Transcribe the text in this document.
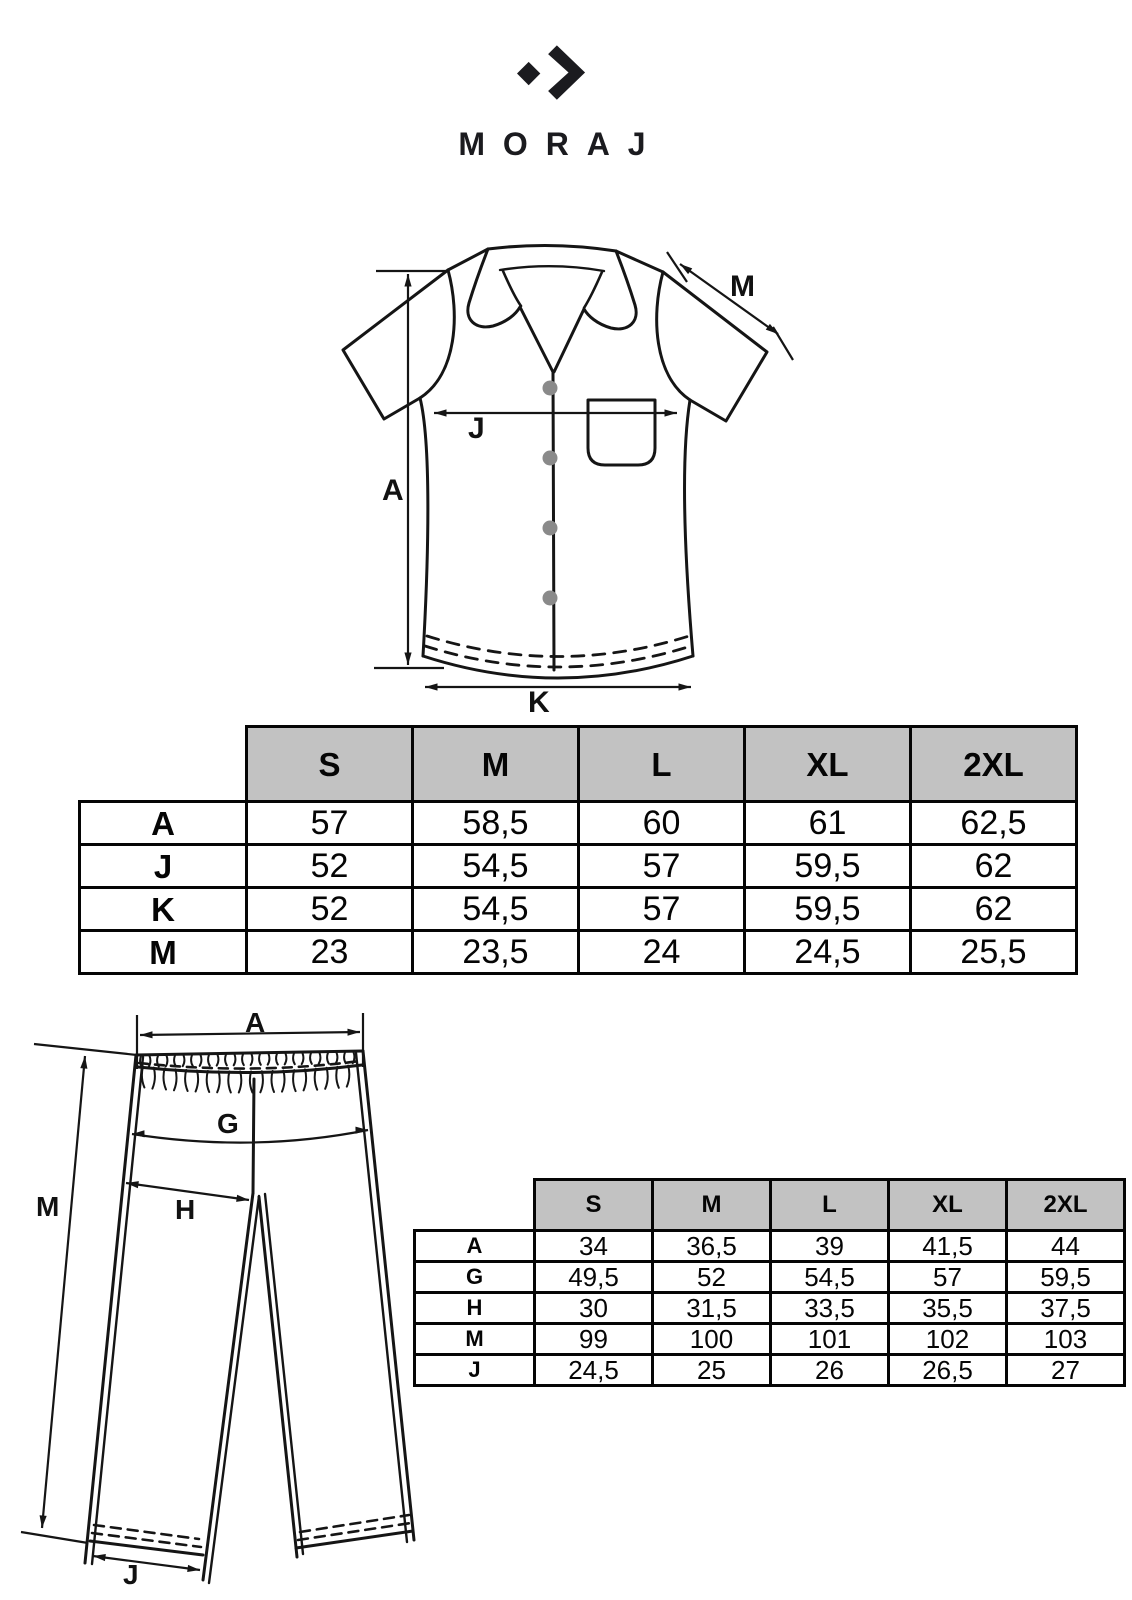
MORAJ
A
J
K
M
A
G
H
M
J
	S	M	L	XL	2XL
A	57	58,5	60	61	62,5
J	52	54,5	57	59,5	62
K	52	54,5	57	59,5	62
M	23	23,5	24	24,5	25,5
	S	M	L	XL	2XL
A	34	36,5	39	41,5	44
G	49,5	52	54,5	57	59,5
H	30	31,5	33,5	35,5	37,5
M	99	100	101	102	103
J	24,5	25	26	26,5	27
